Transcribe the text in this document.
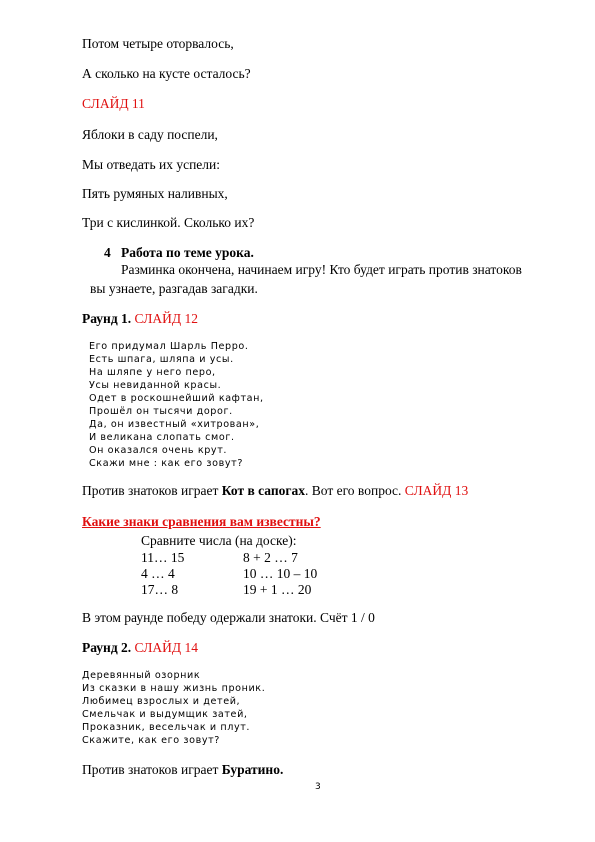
Потом четыре оторвалось,
А сколько на кусте осталось?
СЛАЙД 11
Яблоки в саду поспели,
Мы отведать их успели:
Пять румяных наливных,
Три с кислинкой. Сколько их?
4 Работа по теме урока.
Разминка окончена, начинаем игру! Кто будет играть против знатоков
вы узнаете, разгадав загадки.
Раунд 1. СЛАЙД 12
Его придумал Шарль Перро.
Есть шпага, шляпа и усы.
На шляпе у него перо,
Усы невиданной красы.
Одет в роскошнейший кафтан,
Прошёл он тысячи дорог.
Да, он известный «хитрован»,
И великана слопать смог.
Он оказался очень крут.
Скажи мне : как его зовут?
Против знатоков играет Кот в сапогах. Вот его вопрос. СЛАЙД 13
Какие знаки сравнения вам известны?
Сравните числа (на доске):
11… 15	8 + 2 … 7
4 … 4	10 … 10 – 10
17… 8	19 + 1 … 20
В этом раунде победу одержали знатоки. Счёт 1 / 0
Раунд 2. СЛАЙД 14
Деревянный озорник
Из сказки в нашу жизнь проник.
Любимец взрослых и детей,
Смельчак и выдумщик затей,
Проказник, весельчак и плут.
Скажите, как его зовут?
Против знатоков играет Буратино.
3
